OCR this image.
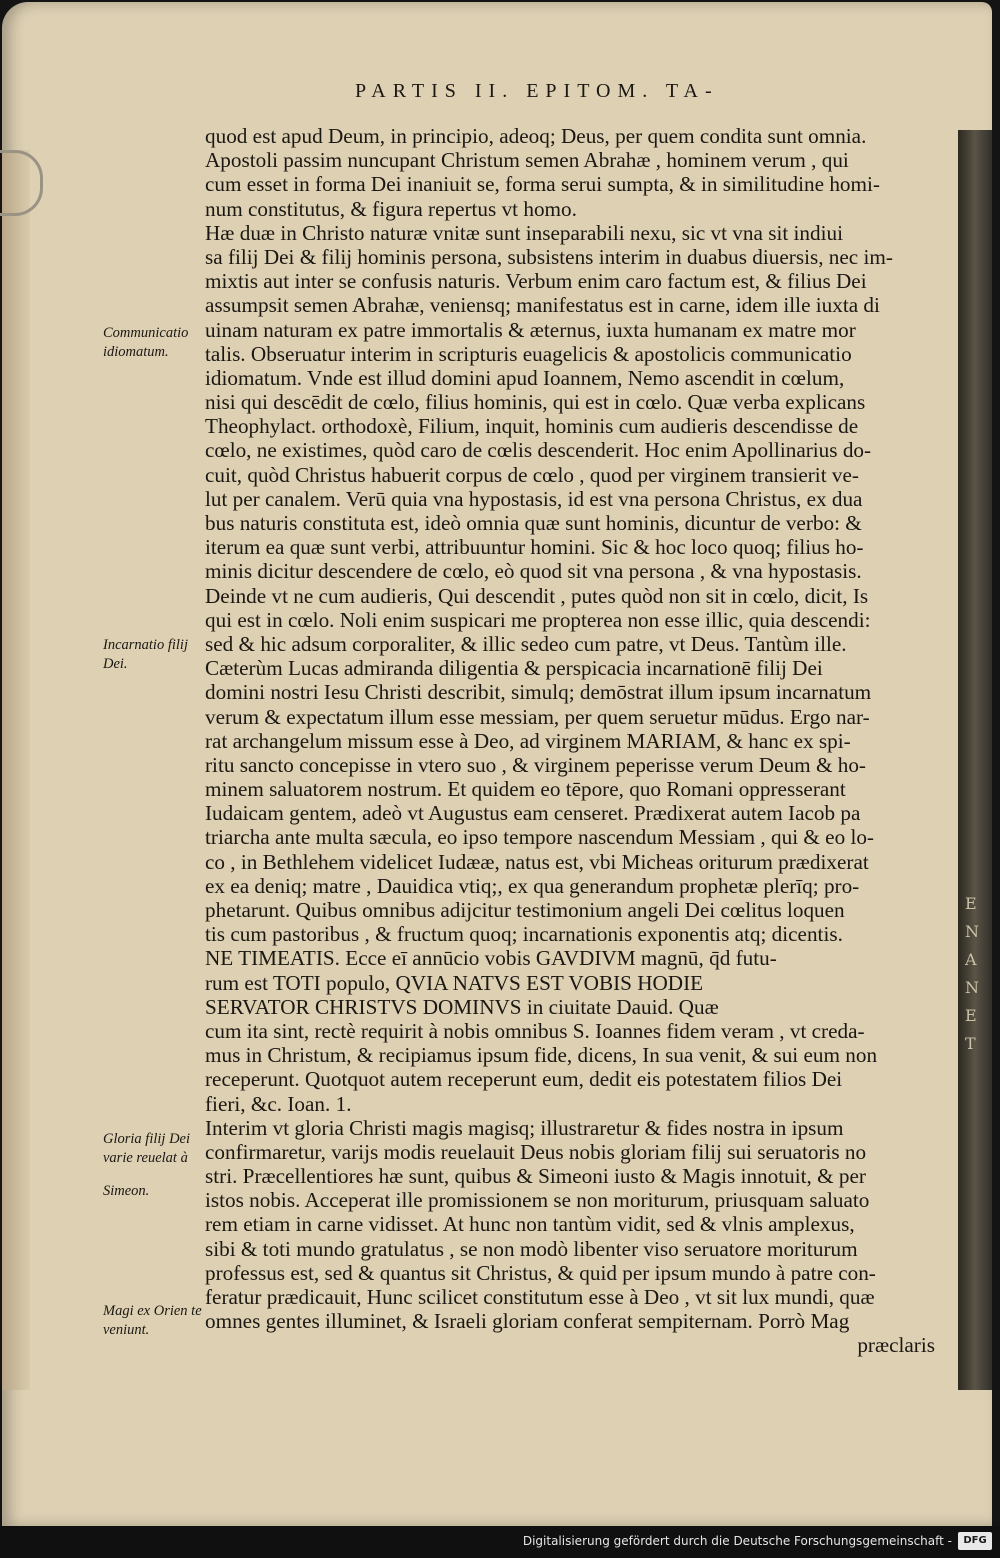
E
N
A
N
E
T
PARTIS II. EPITOM. TA-
quod est apud Deum, in principio, adeoq; Deus, per quem condita sunt omnia.
Apostoli passim nuncupant Christum semen Abrahæ , hominem verum , qui
cum esset in forma Dei inaniuit se, forma serui sumpta, & in similitudine homi-
num constitutus, & figura repertus vt homo.
Hæ duæ in Christo naturæ vnitæ sunt inseparabili nexu, sic vt vna sit indiui
sa filij Dei & filij hominis persona, subsistens interim in duabus diuersis, nec im-
mixtis aut inter se confusis naturis. Verbum enim caro factum est, & filius Dei
assumpsit semen Abrahæ, veniensq; manifestatus est in carne, idem ille iuxta di
uinam naturam ex patre immortalis & æternus, iuxta humanam ex matre mor
talis. Obseruatur interim in scripturis euagelicis & apostolicis communicatio
idiomatum. Vnde est illud domini apud Ioannem, Nemo ascendit in cœlum,
nisi qui descēdit de cœlo, filius hominis, qui est in cœlo. Quæ verba explicans
Theophylact. orthodoxè, Filium, inquit, hominis cum audieris descendisse de
cœlo, ne existimes, quòd caro de cœlis descenderit. Hoc enim Apollinarius do-
cuit, quòd Christus habuerit corpus de cœlo , quod per virginem transierit ve-
lut per canalem. Verū quia vna hypostasis, id est vna persona Christus, ex dua
bus naturis constituta est, ideò omnia quæ sunt hominis, dicuntur de verbo: &
iterum ea quæ sunt verbi, attribuuntur homini. Sic & hoc loco quoq; filius ho-
minis dicitur descendere de cœlo, eò quod sit vna persona , & vna hypostasis.
Deinde vt ne cum audieris, Qui descendit , putes quòd non sit in cœlo, dicit, Is
qui est in cœlo. Noli enim suspicari me propterea non esse illic, quia descendi:
sed & hic adsum corporaliter, & illic sedeo cum patre, vt Deus. Tantùm ille.
Cæterùm Lucas admiranda diligentia & perspicacia incarnationē filij Dei
domini nostri Iesu Christi describit, simulq; demōstrat illum ipsum incarnatum
verum & expectatum illum esse messiam, per quem seruetur mūdus. Ergo nar-
rat archangelum missum esse à Deo, ad virginem MARIAM, & hanc ex spi-
ritu sancto concepisse in vtero suo , & virginem peperisse verum Deum & ho-
minem saluatorem nostrum. Et quidem eo tēpore, quo Romani oppresserant
Iudaicam gentem, adeò vt Augustus eam censeret. Prædixerat autem Iacob pa
triarcha ante multa sæcula, eo ipso tempore nascendum Messiam , qui & eo lo-
co , in Bethlehem videlicet Iudææ, natus est, vbi Micheas oriturum prædixerat
ex ea deniq; matre , Dauidica vtiq;, ex qua generandum prophetæ plerīq; pro-
phetarunt. Quibus omnibus adijcitur testimonium angeli Dei cœlitus loquen
tis cum pastoribus , & fructum quoq; incarnationis exponentis atq; dicentis.
NE TIMEATIS. Ecce eī annūcio vobis GAVDIVM magnū, q̄d futu-
rum est TOTI populo, QVIA NATVS EST VOBIS HODIE
SERVATOR CHRISTVS DOMINVS in ciuitate Dauid. Quæ
cum ita sint, rectè requirit à nobis omnibus S. Ioannes fidem veram , vt creda-
mus in Christum, & recipiamus ipsum fide, dicens, In sua venit, & sui eum non
receperunt. Quotquot autem receperunt eum, dedit eis potestatem filios Dei
fieri, &c. Ioan. 1.
Interim vt gloria Christi magis magisq; illustraretur & fides nostra in ipsum
confirmaretur, varijs modis reuelauit Deus nobis gloriam filij sui seruatoris no
stri. Præcellentiores hæ sunt, quibus & Simeoni iusto & Magis innotuit, & per
istos nobis. Acceperat ille promissionem se non moriturum, priusquam saluato
rem etiam in carne vidisset. At hunc non tantùm vidit, sed & vlnis amplexus,
sibi & toti mundo gratulatus , se non modò libenter viso seruatore moriturum
professus est, sed & quantus sit Christus, & quid per ipsum mundo à patre con-
feratur prædicauit, Hunc scilicet constitutum esse à Deo , vt sit lux mundi, quæ
omnes gentes illuminet, & Israeli gloriam conferat sempiternam. Porrò Mag
præclaris
Communicatio idiomatum.
Incarnatio filij Dei.
Gloria filij Dei varie reuelat à
Simeon.
Magi ex Orien te veniunt.
Digitalisierung gefördert durch die Deutsche Forschungsgemeinschaft -	DFG
